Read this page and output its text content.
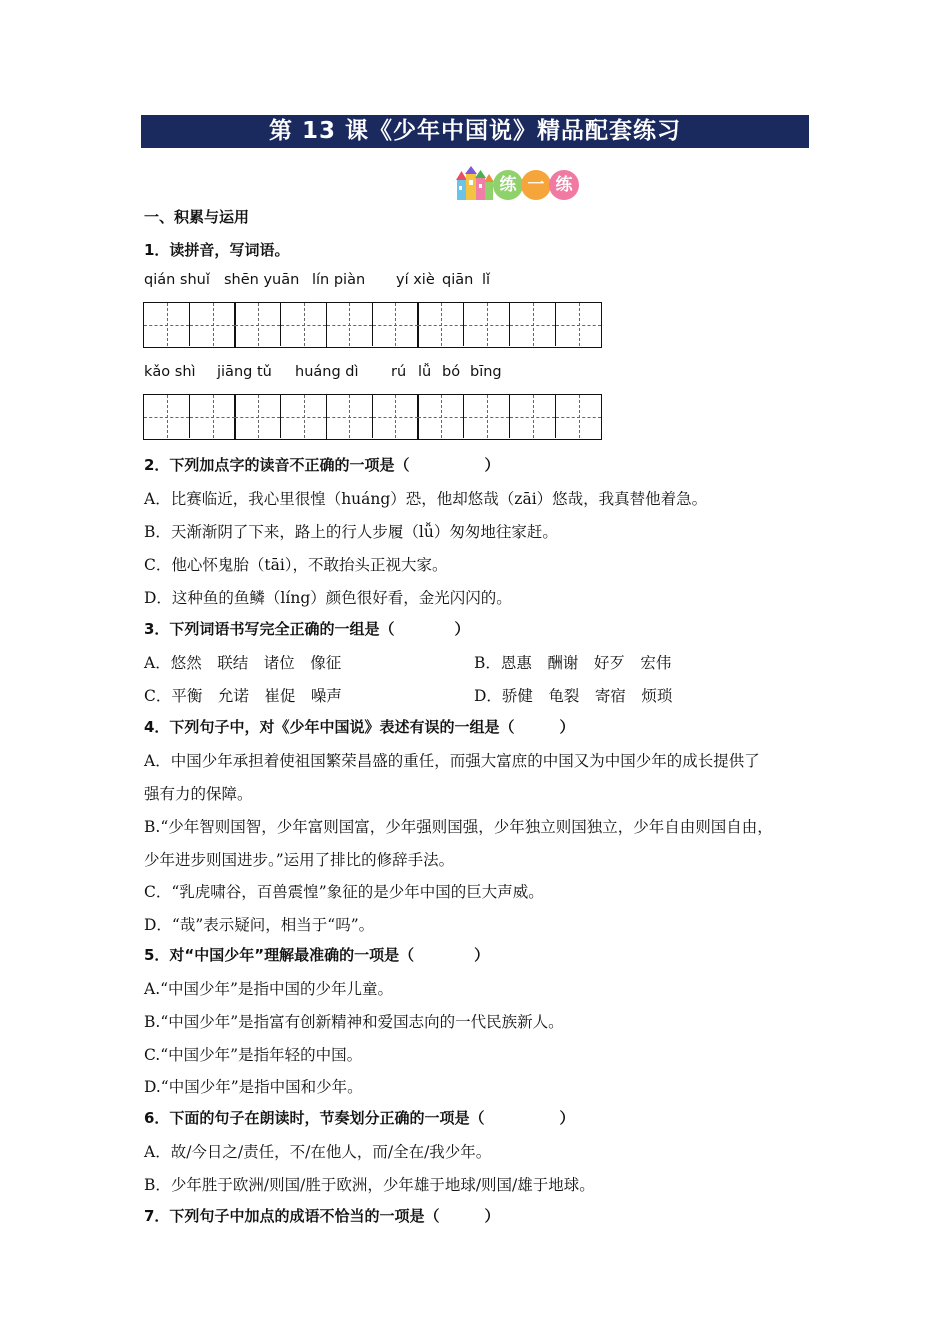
第 13 课《少年中国说》精品配套练习
练 一 练
一、积累与运用
1．读拼音，写词语。
qián shuǐ shēn yuān lín piàn yí xiè qiān lǐ
kǎo shì jiāng tǔ huáng dì rú lǚ bó bīng
2．下列加点字的读音不正确的一项是（　　　　　）
A．比赛临近，我心里很惶（huáng）恐，他却悠哉（zāi）悠哉，我真替他着急。
B．天渐渐阴了下来，路上的行人步履（lǚ）匆匆地往家赶。
C．他心怀鬼胎（tāi），不敢抬头正视大家。
D．这种鱼的鱼鳞（líng）颜色很好看，金光闪闪的。
3．下列词语书写完全正确的一组是（　　　　）
A．悠然　联结　诸位　像征	B．恩惠　酬谢　好歹　宏伟
C．平衡　允诺　崔促　噪声	D．骄健　龟裂　寄宿　烦琐
4．下列句子中，对《少年中国说》表述有误的一组是（　　　）
A．中国少年承担着使祖国繁荣昌盛的重任，而强大富庶的中国又为中国少年的成长提供了
强有力的保障。
B.“少年智则国智，少年富则国富，少年强则国强，少年独立则国独立，少年自由则国自由，
少年进步则国进步。”运用了排比的修辞手法。
C．“乳虎啸谷，百兽震惶”象征的是少年中国的巨大声威。
D．“哉”表示疑问，相当于“吗”。
5．对“中国少年”理解最准确的一项是（　　　　）
A.“中国少年”是指中国的少年儿童。
B.“中国少年”是指富有创新精神和爱国志向的一代民族新人。
C.“中国少年”是指年轻的中国。
D.“中国少年”是指中国和少年。
6．下面的句子在朗读时，节奏划分正确的一项是（　　　　　）
A．故/今日之/责任，不/在他人，而/全在/我少年。
B．少年胜于欧洲/则国/胜于欧洲，少年雄于地球/则国/雄于地球。
7．下列句子中加点的成语不恰当的一项是（　　　）
